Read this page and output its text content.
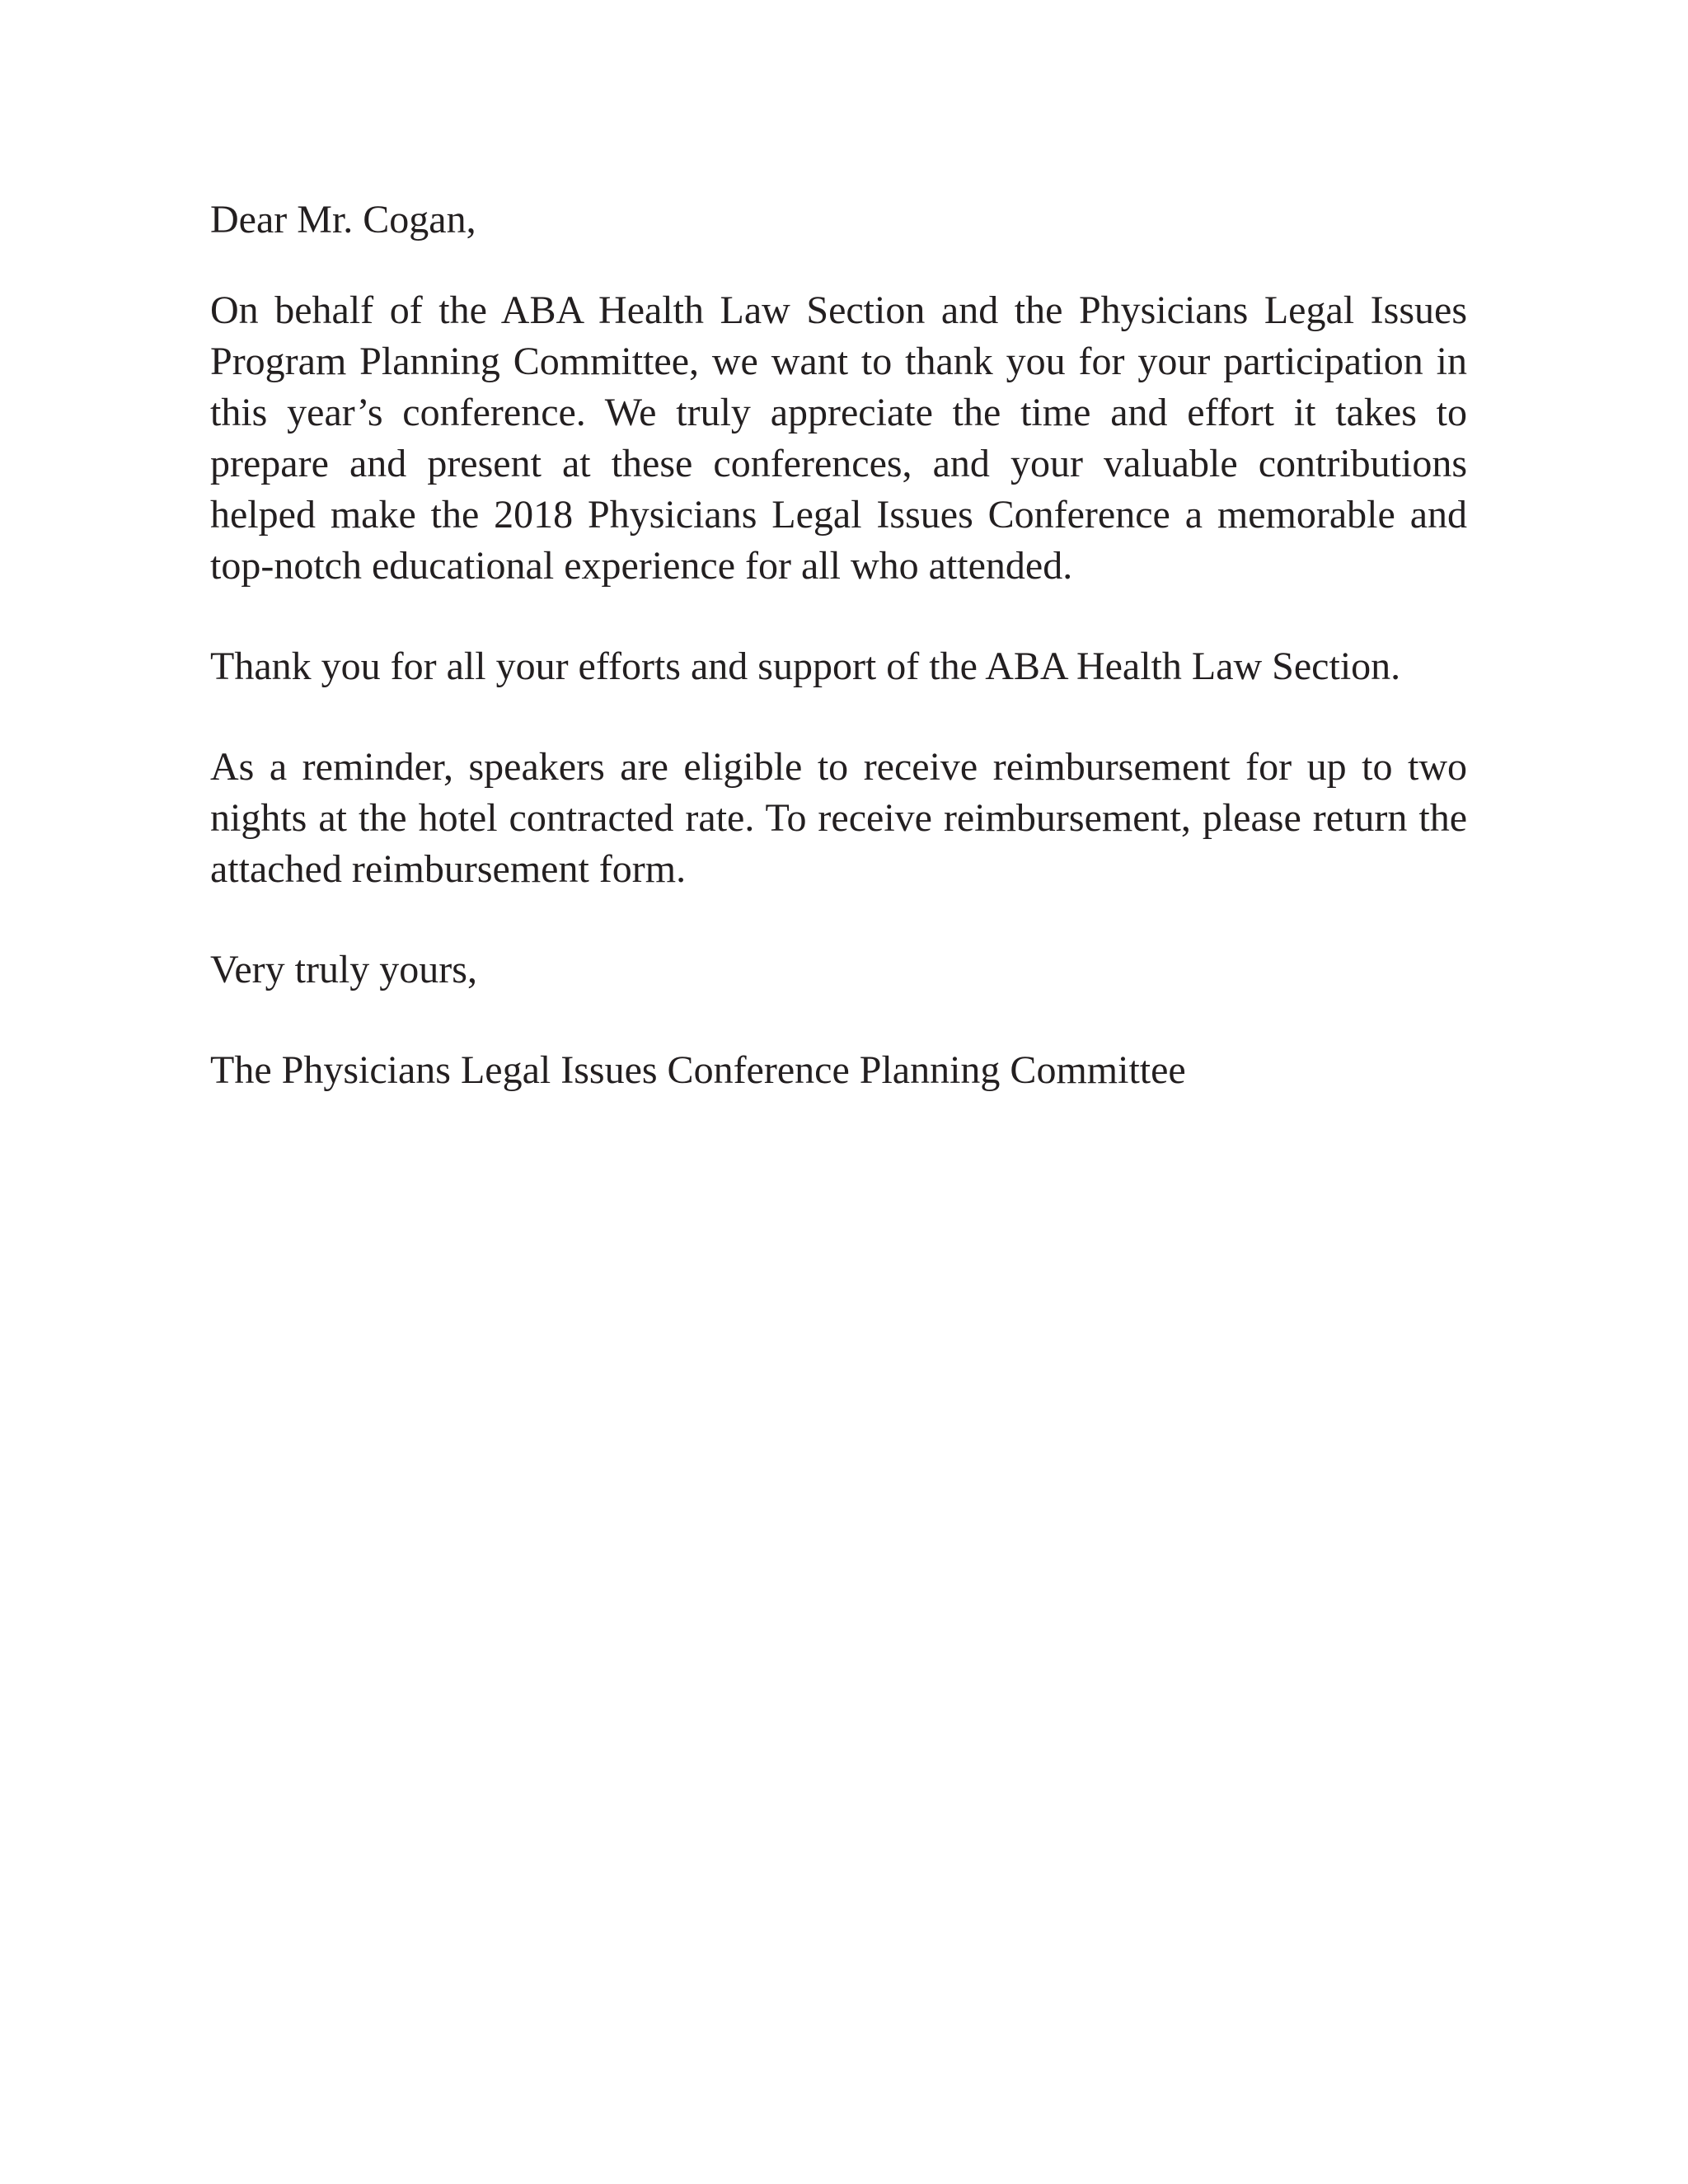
Dear Mr. Cogan,

On behalf of the ABA Health Law Section and the Physicians Legal Issues Program Planning Committee, we want to thank you for your participation in this year’s conference. We truly appreciate the time and effort it takes to prepare and present at these conferences, and your valuable contributions helped make the 2018 Physicians Legal Issues Conference a memorable and top-notch educational experience for all who attended.

Thank you for all your efforts and support of the ABA Health Law Section.

As a reminder, speakers are eligible to receive reimbursement for up to two nights at the hotel contracted rate. To receive reimbursement, please return the attached reimbursement form.

Very truly yours,

The Physicians Legal Issues Conference Planning Committee
